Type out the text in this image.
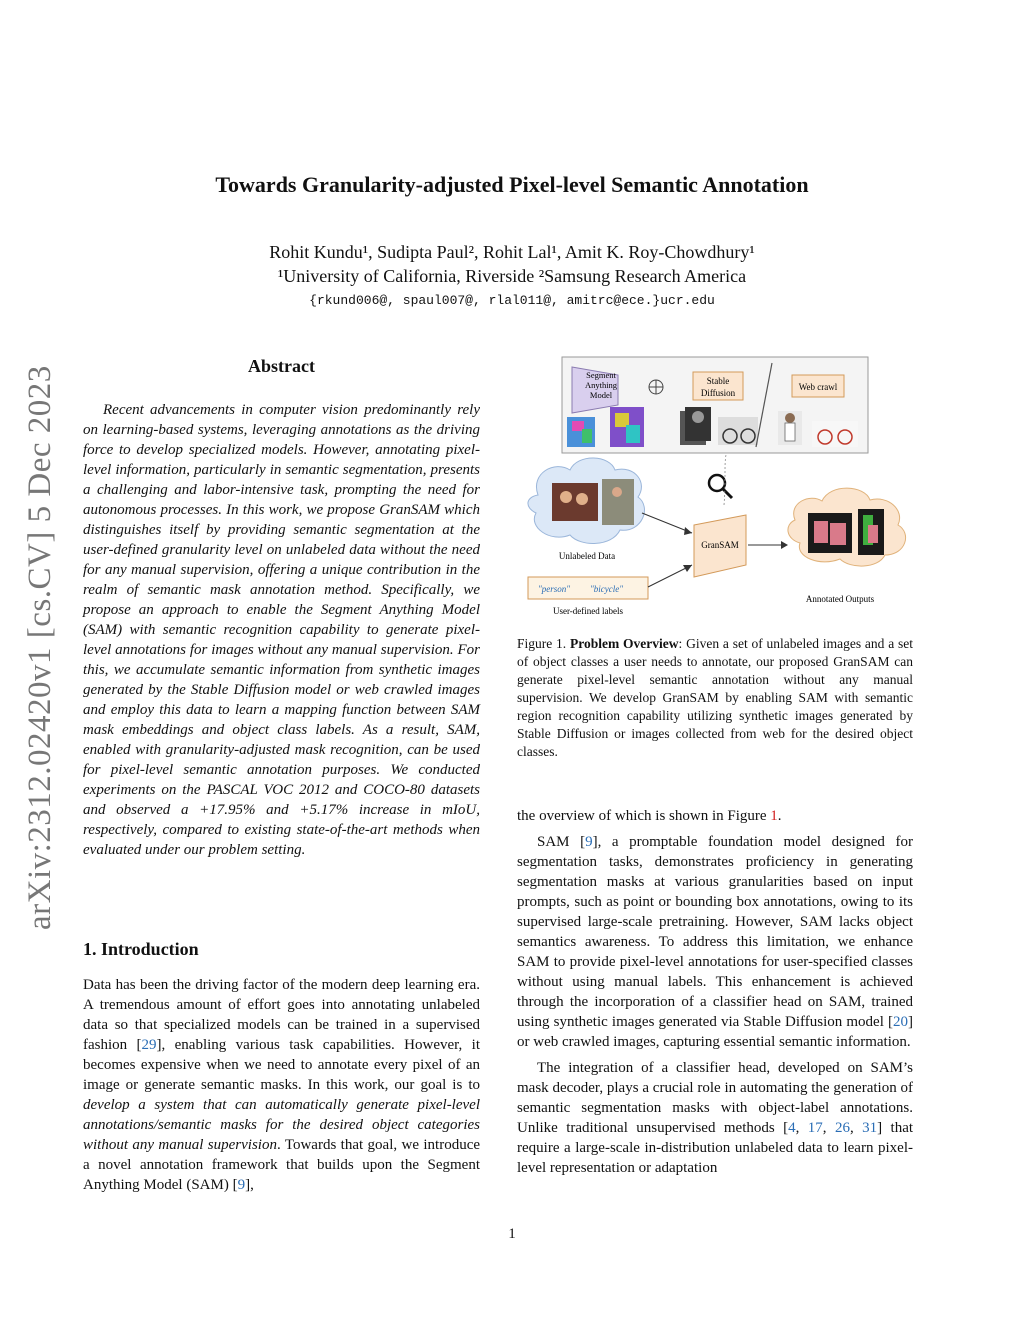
Towards Granularity-adjusted Pixel-level Semantic Annotation
Rohit Kundu¹, Sudipta Paul², Rohit Lal¹, Amit K. Roy-Chowdhury¹
¹University of California, Riverside ²Samsung Research America
{rkund006@, spaul007@, rlal011@, amitrc@ece.}ucr.edu
arXiv:2312.02420v1 [cs.CV] 5 Dec 2023	Abstract
Recent advancements in computer vision predominantly rely on learning-based systems, leveraging annotations as the driving force to develop specialized models. However, annotating pixel-level information, particularly in semantic segmentation, presents a challenging and labor-intensive task, prompting the need for autonomous processes. In this work, we propose GranSAM which distinguishes itself by providing semantic segmentation at the user-defined granularity level on unlabeled data without the need for any manual supervision, offering a unique contribution in the realm of semantic mask annotation method. Specifically, we propose an approach to enable the Segment Anything Model (SAM) with semantic recognition capability to generate pixel-level annotations for images without any manual supervision. For this, we accumulate semantic information from synthetic images generated by the Stable Diffusion model or web crawled images and employ this data to learn a mapping function between SAM mask embeddings and object class labels. As a result, SAM, enabled with granularity-adjusted mask recognition, can be used for pixel-level semantic annotation purposes. We conducted experiments on the PASCAL VOC 2012 and COCO-80 datasets and observed a +17.95% and +5.17% increase in mIoU, respectively, compared to existing state-of-the-art methods when evaluated under our problem setting.
1. Introduction

Data has been the driving factor of the modern deep learning era. A tremendous amount of effort goes into annotating unlabeled data so that specialized models can be trained in a supervised fashion [29], enabling various task capabilities. However, it becomes expensive when we need to annotate every pixel of an image or generate semantic masks. In this work, our goal is to develop a system that can automatically generate pixel-level annotations/semantic masks for the desired object categories without any manual supervision. Towards that goal, we introduce a novel annotation framework that builds upon the Segment Anything Model (SAM) [9],

Segment
Anything
Model
Stable
Diffusion
Web crawl
Unlabeled Data
"person" "bicycle"
User-defined labels
GranSAM
Annotated Outputs
Figure 1. Problem Overview: Given a set of unlabeled images and a set of object classes a user needs to annotate, our proposed GranSAM can generate pixel-level semantic annotation without any manual supervision. We develop GranSAM by enabling SAM with semantic region recognition capability utilizing synthetic images generated by Stable Diffusion or images collected from web for the desired object classes.

the overview of which is shown in Figure 1.

SAM [9], a promptable foundation model designed for segmentation tasks, demonstrates proficiency in generating segmentation masks at various granularities based on input prompts, such as point or bounding box annotations, owing to its supervised large-scale pretraining. However, SAM lacks object semantics awareness. To address this limitation, we enhance SAM to provide pixel-level annotations for user-specified classes without using manual labels. This enhancement is achieved through the incorporation of a classifier head on SAM, trained using synthetic images generated via Stable Diffusion model [20] or web crawled images, capturing essential semantic information.

The integration of a classifier head, developed on SAM’s mask decoder, plays a crucial role in automating the generation of semantic segmentation masks with object-label annotations. Unlike traditional unsupervised methods [4, 17, 26, 31] that require a large-scale in-distribution unlabeled data to learn pixel-level representation or adaptation

1
